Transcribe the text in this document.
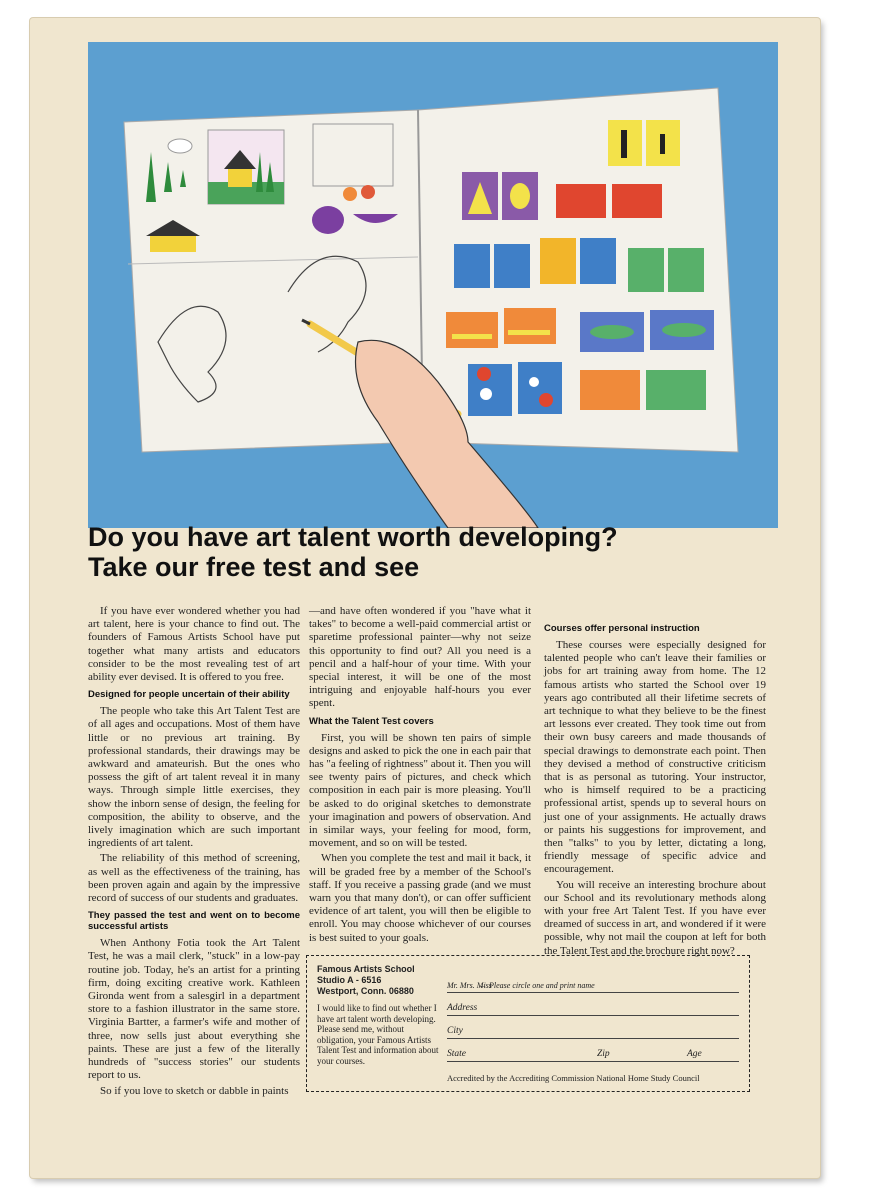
Do you have art talent worth developing?
Take our free test and see

If you have ever wondered whether you had art talent, here is your chance to find out. The founders of Famous Artists School have put together what many artists and educators consider to be the most revealing test of art ability ever devised. It is offered to you free.

Designed for people uncertain of their ability

The people who take this Art Talent Test are of all ages and occupations. Most of them have little or no previous art training. By professional standards, their drawings may be awkward and amateurish. But the ones who possess the gift of art talent reveal it in many ways. Through simple little exercises, they show the inborn sense of design, the feeling for composition, the ability to observe, and the lively imagination which are such important ingredients of art talent.

The reliability of this method of screening, as well as the effectiveness of the training, has been proven again and again by the impressive record of success of our students and graduates.

They passed the test and went on to become successful artists

When Anthony Fotia took the Art Talent Test, he was a mail clerk, "stuck" in a low-pay routine job. Today, he's an artist for a printing firm, doing exciting creative work. Kathleen Gironda went from a salesgirl in a department store to a fashion illustrator in the same store. Virginia Bartter, a farmer's wife and mother of three, now sells just about everything she paints. These are just a few of the literally hundreds of "success stories" our students report to us.

So if you love to sketch or dabble in paints

—and have often wondered if you "have what it takes" to become a well-paid commercial artist or sparetime professional painter—why not seize this opportunity to find out? All you need is a pencil and a half-hour of your time. With your special interest, it will be one of the most intriguing and enjoyable half-hours you ever spent.

What the Talent Test covers

First, you will be shown ten pairs of simple designs and asked to pick the one in each pair that has "a feeling of rightness" about it. Then you will see twenty pairs of pictures, and check which composition in each pair is more pleasing. You'll be asked to do original sketches to demonstrate your imagination and powers of observation. And in similar ways, your feeling for mood, form, movement, and so on will be tested.

When you complete the test and mail it back, it will be graded free by a member of the School's staff. If you receive a passing grade (and we must warn you that many don't), or can offer sufficient evidence of art talent, you will then be eligible to enroll. You may choose whichever of our courses is best suited to your goals.

Courses offer personal instruction

These courses were especially designed for talented people who can't leave their families or jobs for art training away from home. The 12 famous artists who started the School over 19 years ago contributed all their lifetime secrets of art technique to what they believe to be the finest art lessons ever created. They took time out from their own busy careers and made thousands of special drawings to demonstrate each point. Then they devised a method of constructive criticism that is as personal as tutoring. Your instructor, who is himself required to be a practicing professional artist, spends up to several hours on just one of your assignments. He actually draws or paints his suggestions for improvement, and then "talks" to you by letter, dictating a long, friendly message of specific advice and encouragement.

You will receive an interesting brochure about our School and its revolutionary methods along with your free Art Talent Test. If you have ever dreamed of success in art, and wondered if it were possible, why not mail the coupon at left for both the Talent Test and the brochure right now?

Famous Artists School
Studio A - 6516
Westport, Conn. 06880
I would like to find out whether I have art talent worth developing. Please send me, without obligation, your Famous Artists Talent Test and information about your courses.
Mr. Mrs. Miss
← Please circle one and print name
Address
City
State	Zip	Age
Accredited by the Accrediting Commission National Home Study Council
